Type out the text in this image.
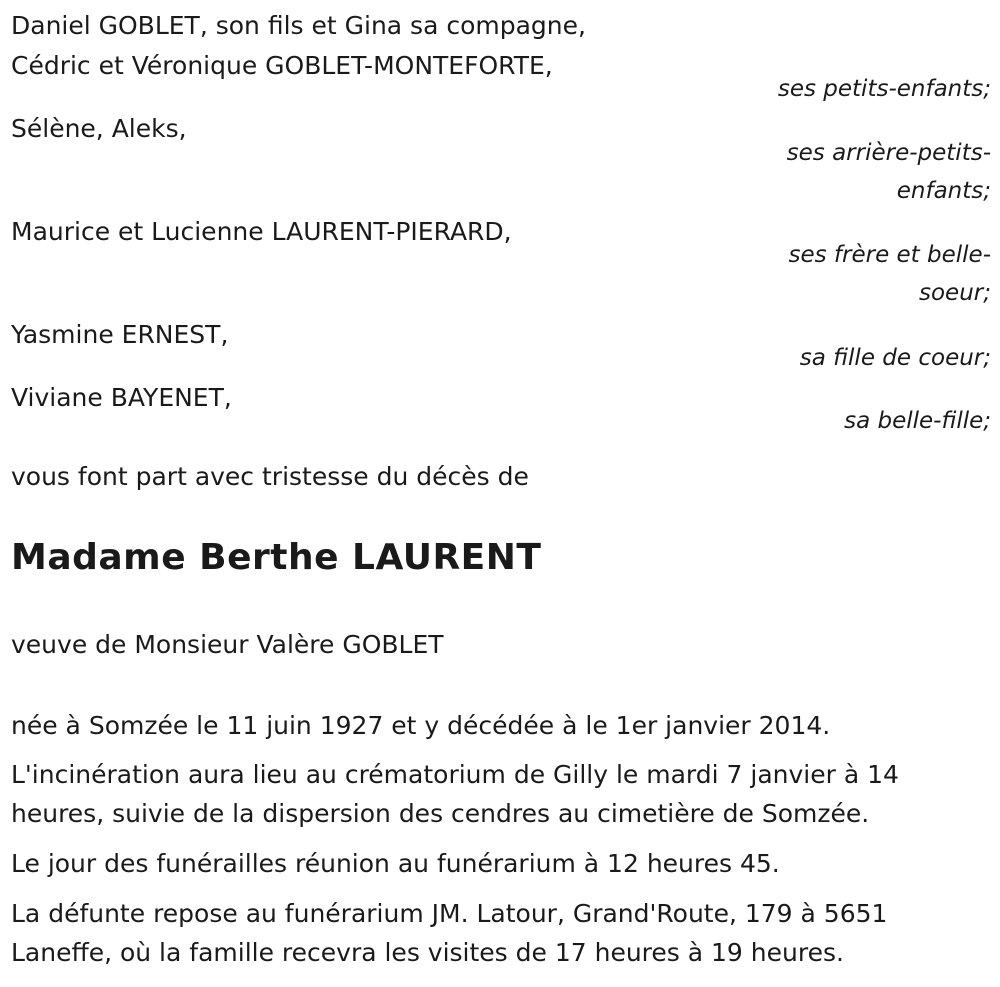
Daniel GOBLET, son fils et Gina sa compagne,
Cédric et Véronique GOBLET-MONTEFORTE,
ses petits-enfants;
Sélène, Aleks,
ses arrière-petits-
enfants;
Maurice et Lucienne LAURENT-PIERARD,
ses frère et belle-
soeur;
Yasmine ERNEST,
sa fille de coeur;
Viviane BAYENET,
sa belle-fille;
vous font part avec tristesse du décès de
Madame Berthe LAURENT
veuve de Monsieur Valère GOBLET
née à Somzée le 11 juin 1927 et y décédée à le 1er janvier 2014.
L'incinération aura lieu au crématorium de Gilly le mardi 7 janvier à 14 heures, suivie de la dispersion des cendres au cimetière de Somzée.
Le jour des funérailles réunion au funérarium à 12 heures 45.
La défunte repose au funérarium JM. Latour, Grand'Route, 179 à 5651 Laneffe, où la famille recevra les visites de 17 heures à 19 heures.
